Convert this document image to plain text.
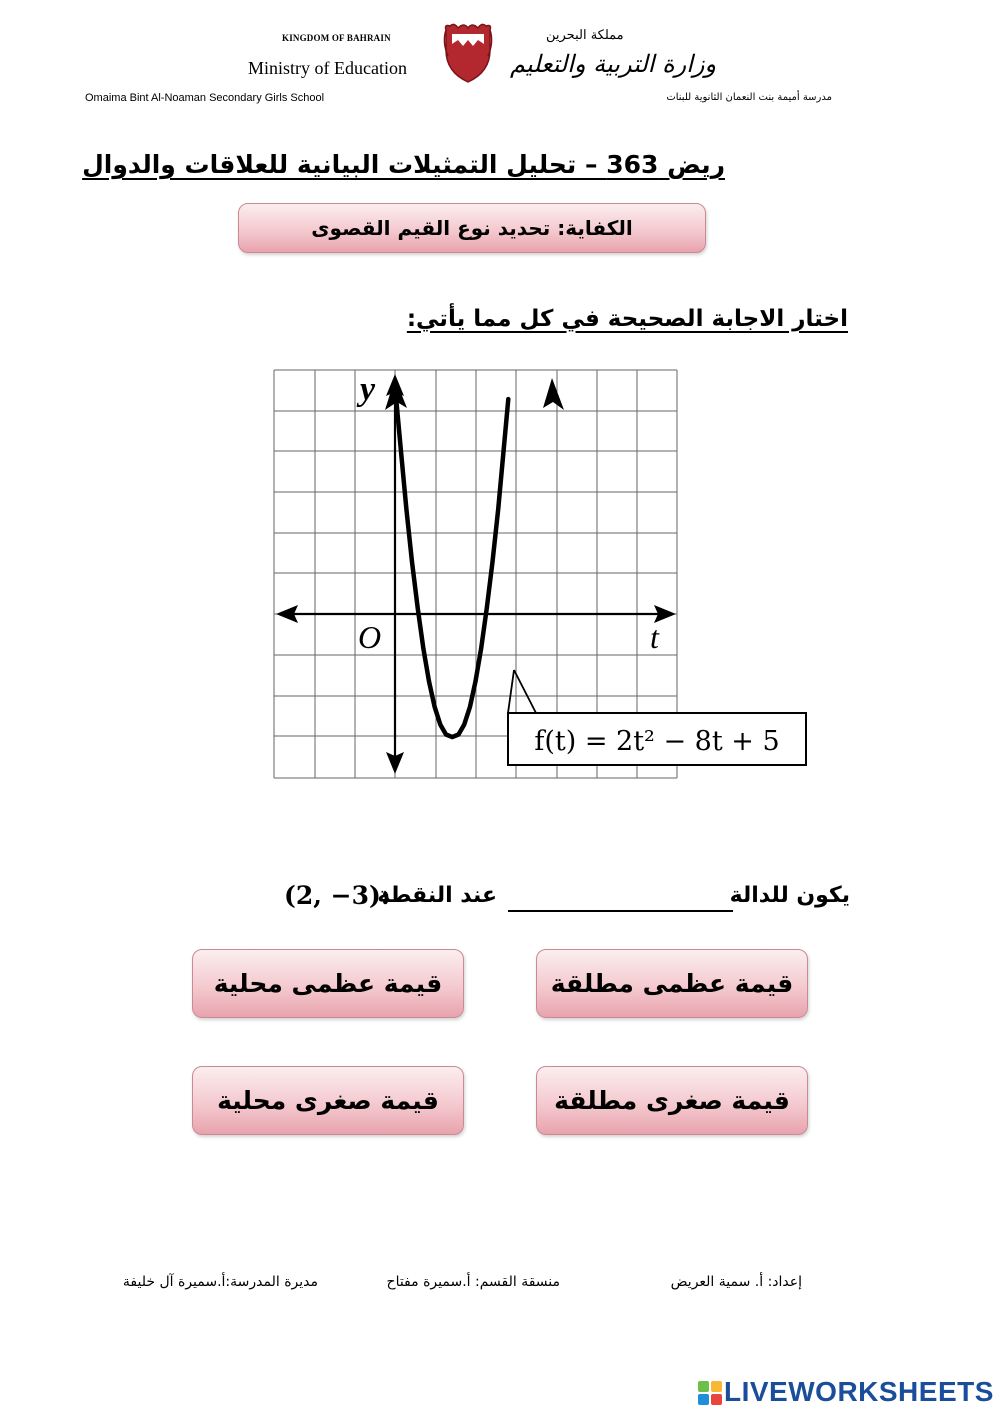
KINGDOM OF BAHRAIN
Ministry of Education
Omaima Bint Al-Noaman Secondary Girls School
مملكة البحرين
وزارة التربية والتعليم
مدرسة أميمة بنت النعمان الثانوية للبنات
ريض 363 – تحليل التمثيلات البيانية للعلاقات والدوال
الكفاية: تحديد نوع القيم القصوى
اختار الاجابة الصحيحة في كل مما يأتي:
y
t
O
f(t) = 2t² − 8t + 5
يكون للدالة
عند النقطة
(2, −3):
قيمة عظمى مطلقة
قيمة عظمى محلية
قيمة صغرى مطلقة
قيمة صغرى محلية
إعداد: أ. سمية العريض
منسقة القسم: أ.سميرة مفتاح
مديرة المدرسة:أ.سميرة آل خليفة
LIVEWORKSHEETS
